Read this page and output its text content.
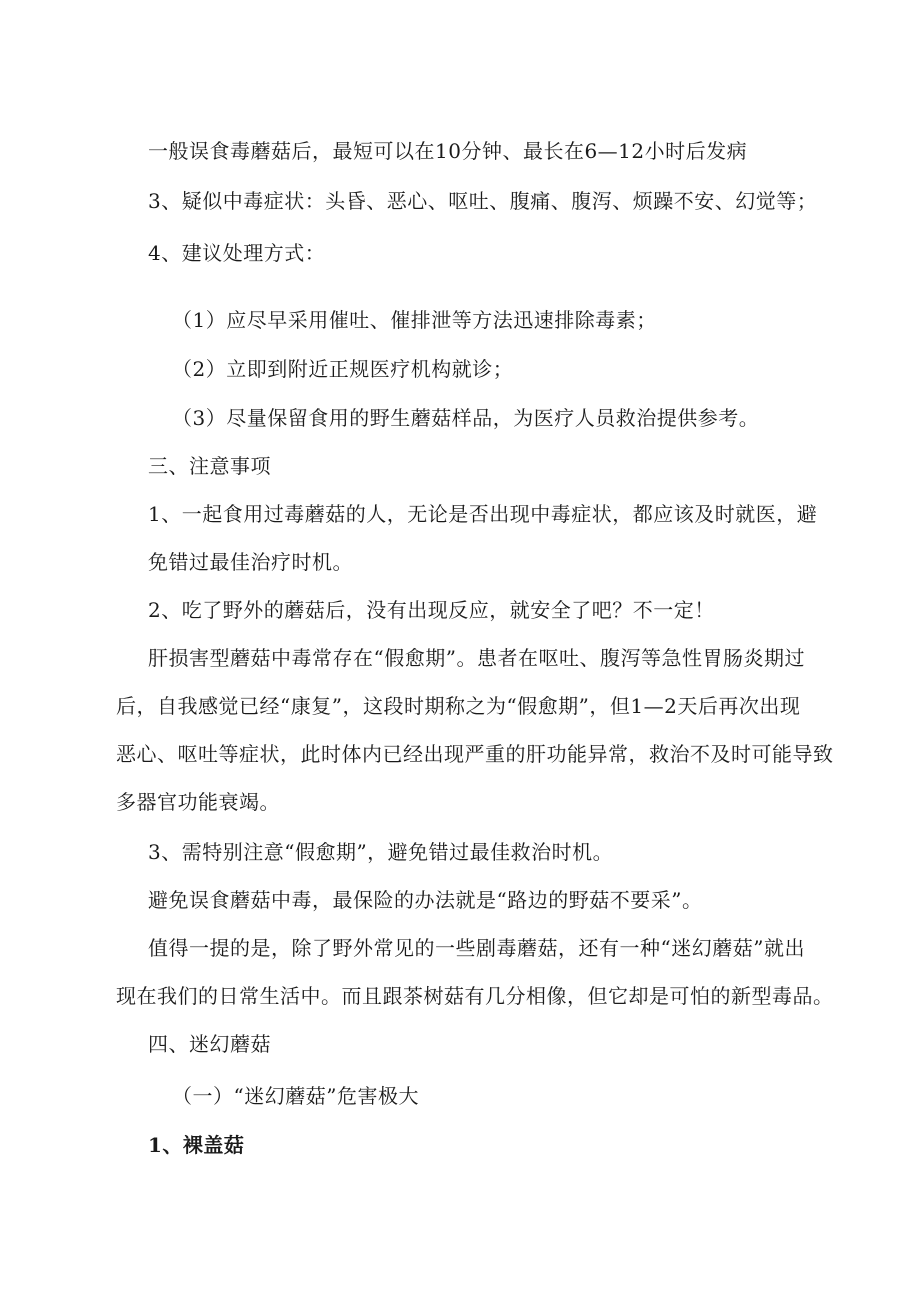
一般误食毒蘑菇后，最短可以在10分钟、最长在6—12小时后发病
3、疑似中毒症状：头昏、恶心、呕吐、腹痛、腹泻、烦躁不安、幻觉等；
4、建议处理方式：
（1）应尽早采用催吐、催排泄等方法迅速排除毒素；
（2）立即到附近正规医疗机构就诊；
（3）尽量保留食用的野生蘑菇样品，为医疗人员救治提供参考。
三、注意事项
1、一起食用过毒蘑菇的人，无论是否出现中毒症状，都应该及时就医，避
免错过最佳治疗时机。
2、吃了野外的蘑菇后，没有出现反应，就安全了吧？不一定！
肝损害型蘑菇中毒常存在“假愈期”。患者在呕吐、腹泻等急性胃肠炎期过
后，自我感觉已经“康复”，这段时期称之为“假愈期”，但1—2天后再次出现
恶心、呕吐等症状，此时体内已经出现严重的肝功能异常，救治不及时可能导致
多器官功能衰竭。
3、需特别注意“假愈期”，避免错过最佳救治时机。
避免误食蘑菇中毒，最保险的办法就是“路边的野菇不要采”。
值得一提的是，除了野外常见的一些剧毒蘑菇，还有一种“迷幻蘑菇”就出
现在我们的日常生活中。而且跟茶树菇有几分相像，但它却是可怕的新型毒品。
四、迷幻蘑菇
（一）“迷幻蘑菇”危害极大
1、裸盖菇
